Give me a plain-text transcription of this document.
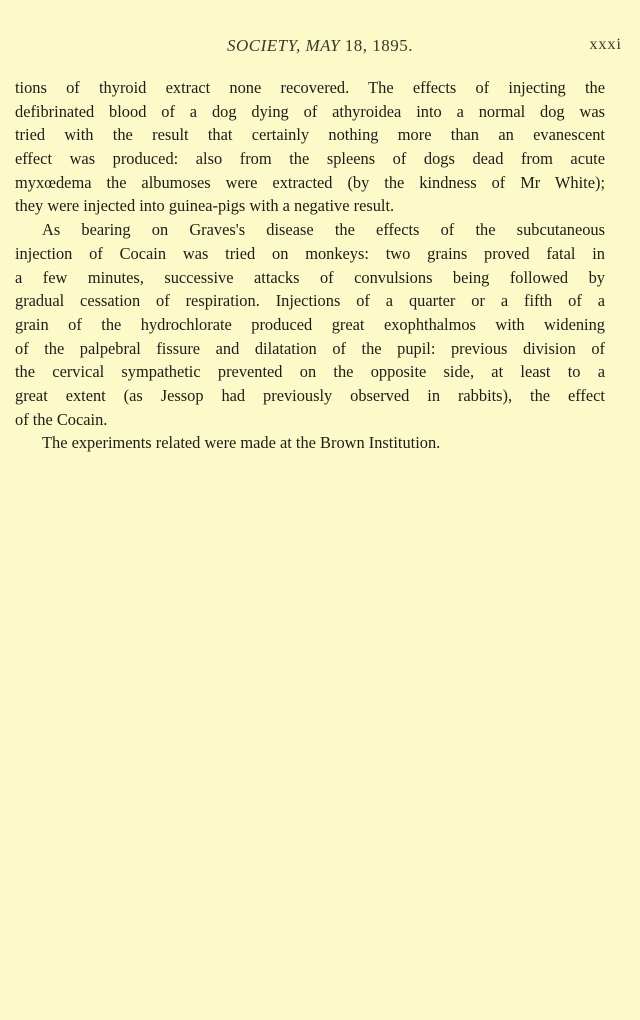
SOCIETY, MAY 18, 1895.	xxxi
tions of thyroid extract none recovered. The effects of injecting the
defibrinated blood of a dog dying of athyroidea into a normal dog was
tried with the result that certainly nothing more than an evanescent
effect was produced: also from the spleens of dogs dead from acute
myxœdema the albumoses were extracted (by the kindness of Mr White);
they were injected into guinea-pigs with a negative result.
As bearing on Graves's disease the effects of the subcutaneous
injection of Cocain was tried on monkeys: two grains proved fatal in
a few minutes, successive attacks of convulsions being followed by
gradual cessation of respiration. Injections of a quarter or a fifth of a
grain of the hydrochlorate produced great exophthalmos with widening
of the palpebral fissure and dilatation of the pupil: previous division of
the cervical sympathetic prevented on the opposite side, at least to a
great extent (as Jessop had previously observed in rabbits), the effect
of the Cocain.
The experiments related were made at the Brown Institution.
